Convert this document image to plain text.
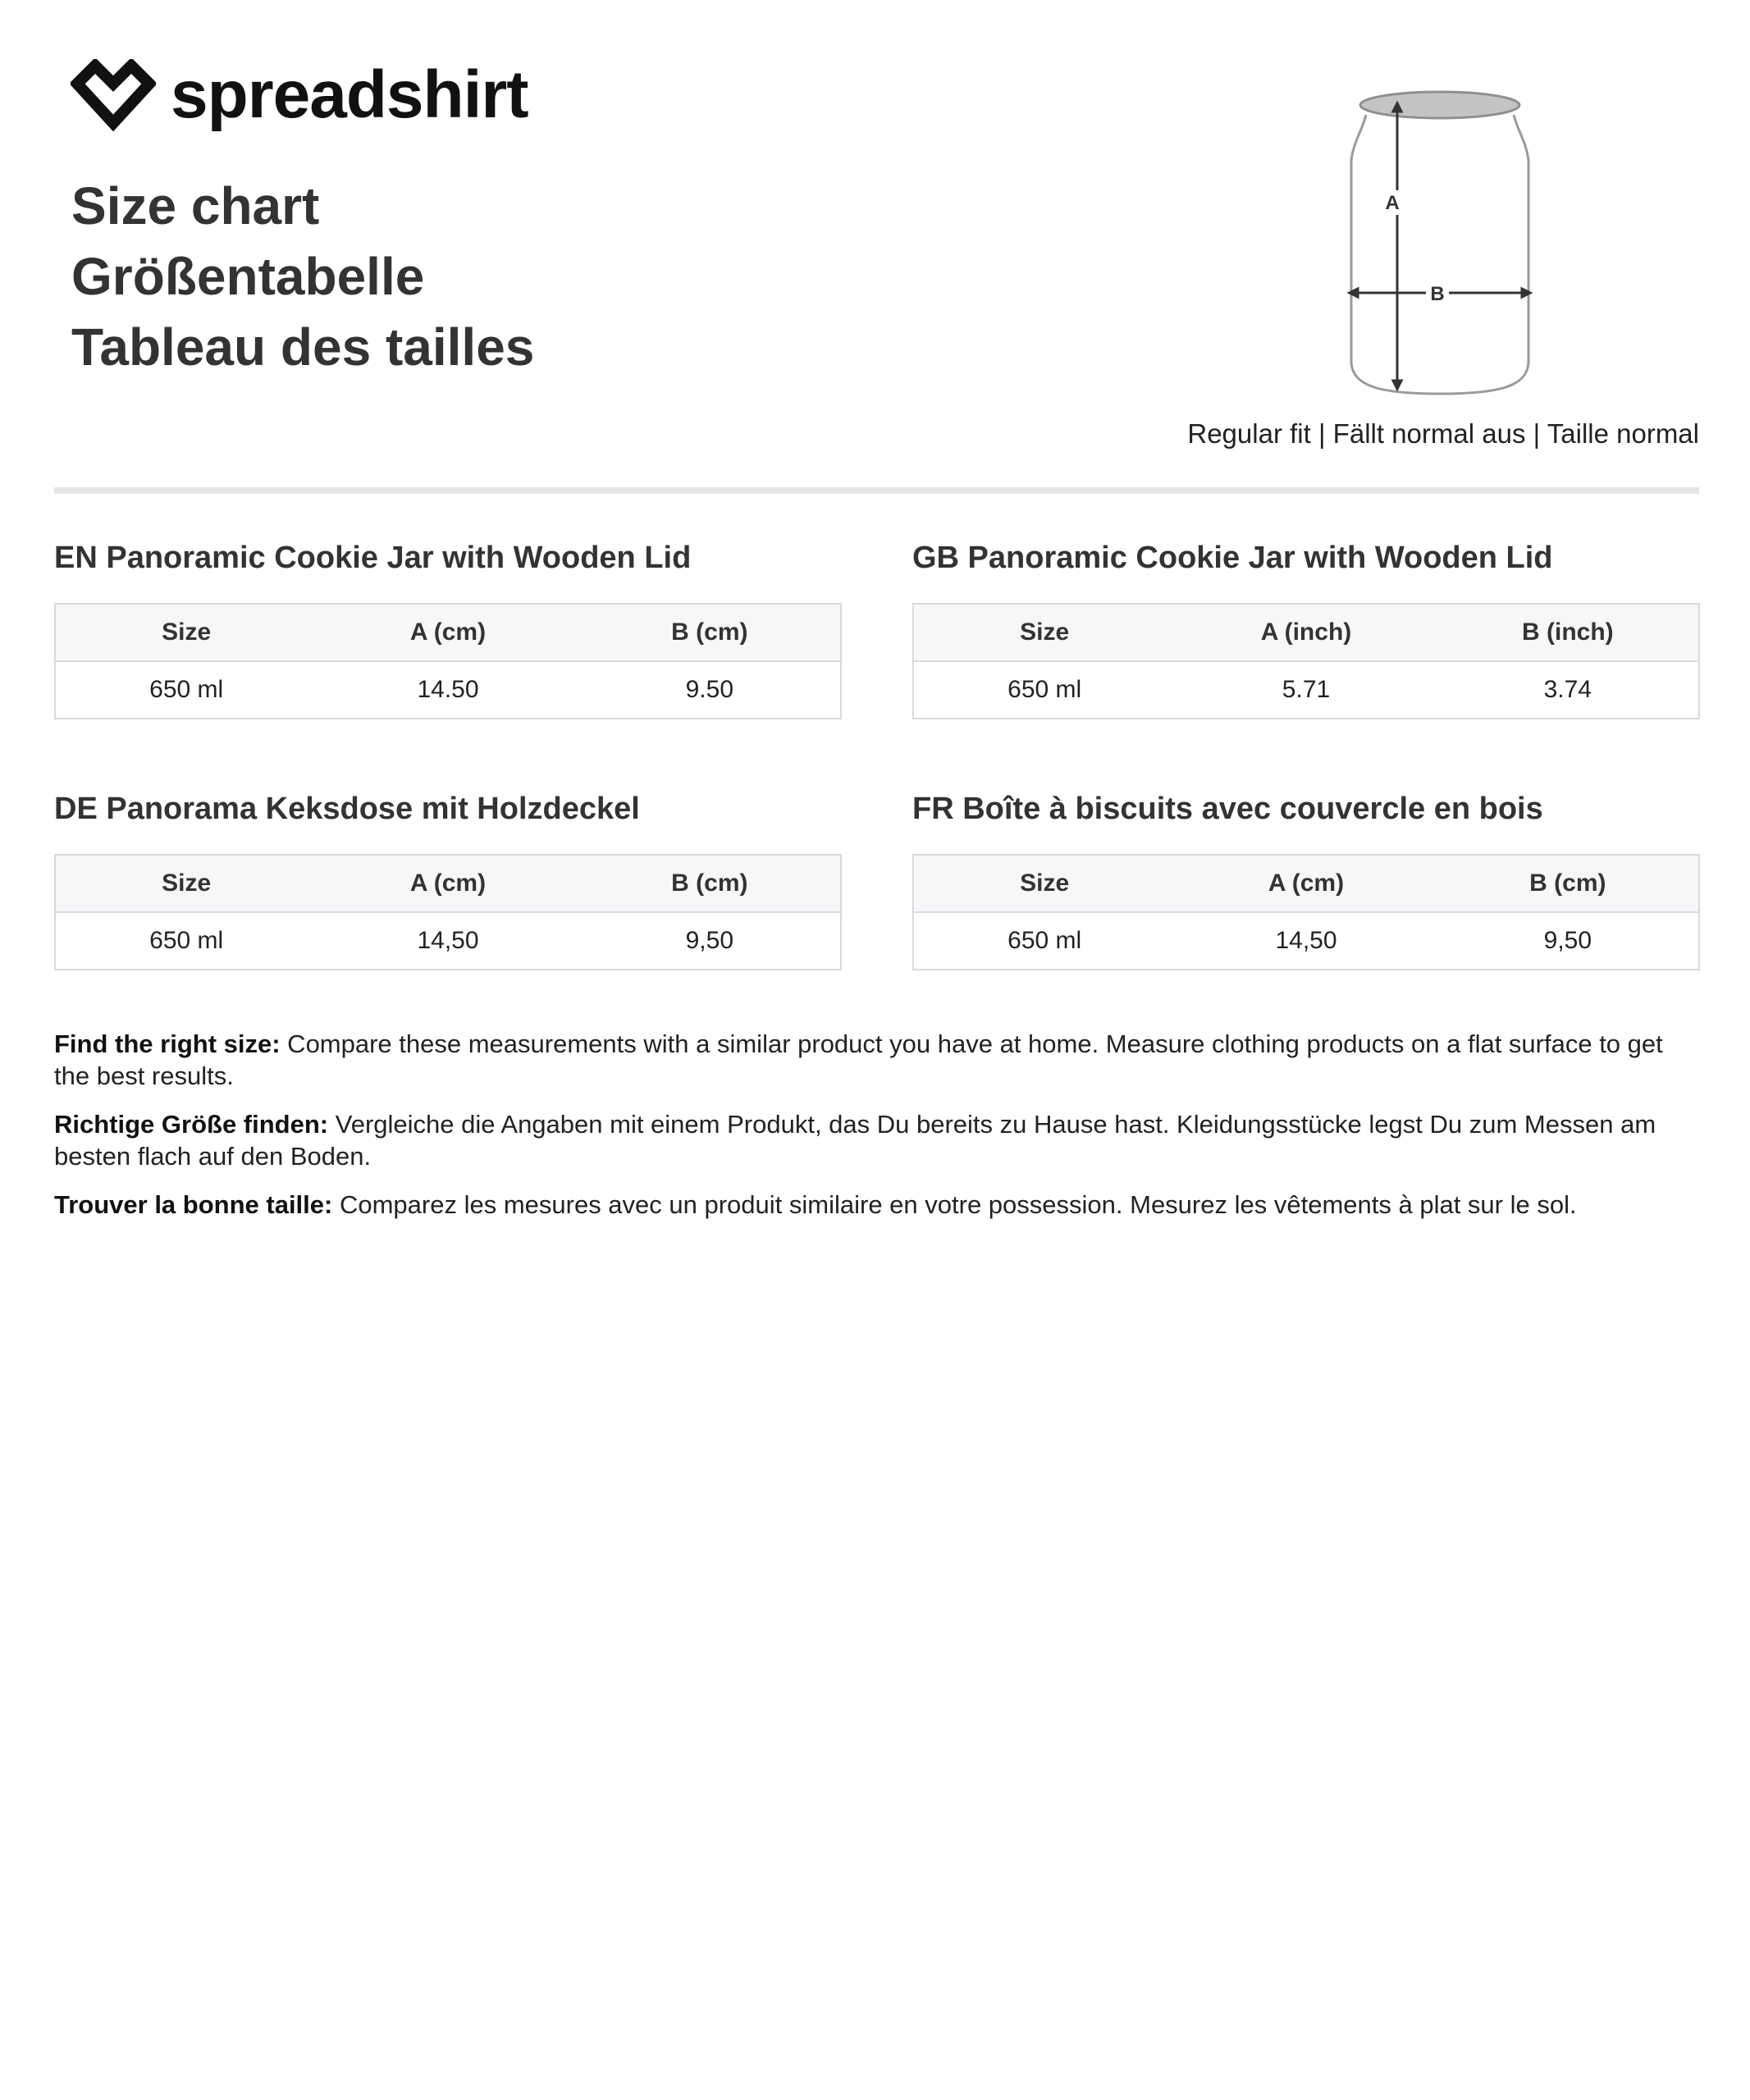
spreadshirt
Size chart
Größentabelle
Tableau des tailles
A
B
Regular fit | Fällt normal aus | Taille normal
EN Panoramic Cookie Jar with Wooden Lid
Size	A (cm)	B (cm)
650 ml	14.50	9.50
GB Panoramic Cookie Jar with Wooden Lid
Size	A (inch)	B (inch)
650 ml	5.71	3.74
DE Panorama Keksdose mit Holzdeckel
Size	A (cm)	B (cm)
650 ml	14,50	9,50
FR Boîte à biscuits avec couvercle en bois
Size	A (cm)	B (cm)
650 ml	14,50	9,50

Find the right size: Compare these measurements with a similar product you have at home. Measure clothing products on a flat surface to get the best results.

Richtige Größe finden: Vergleiche die Angaben mit einem Produkt, das Du bereits zu Hause hast. Kleidungsstücke legst Du zum Messen am besten flach auf den Boden.

Trouver la bonne taille: Comparez les mesures avec un produit similaire en votre possession. Mesurez les vêtements à plat sur le sol.
